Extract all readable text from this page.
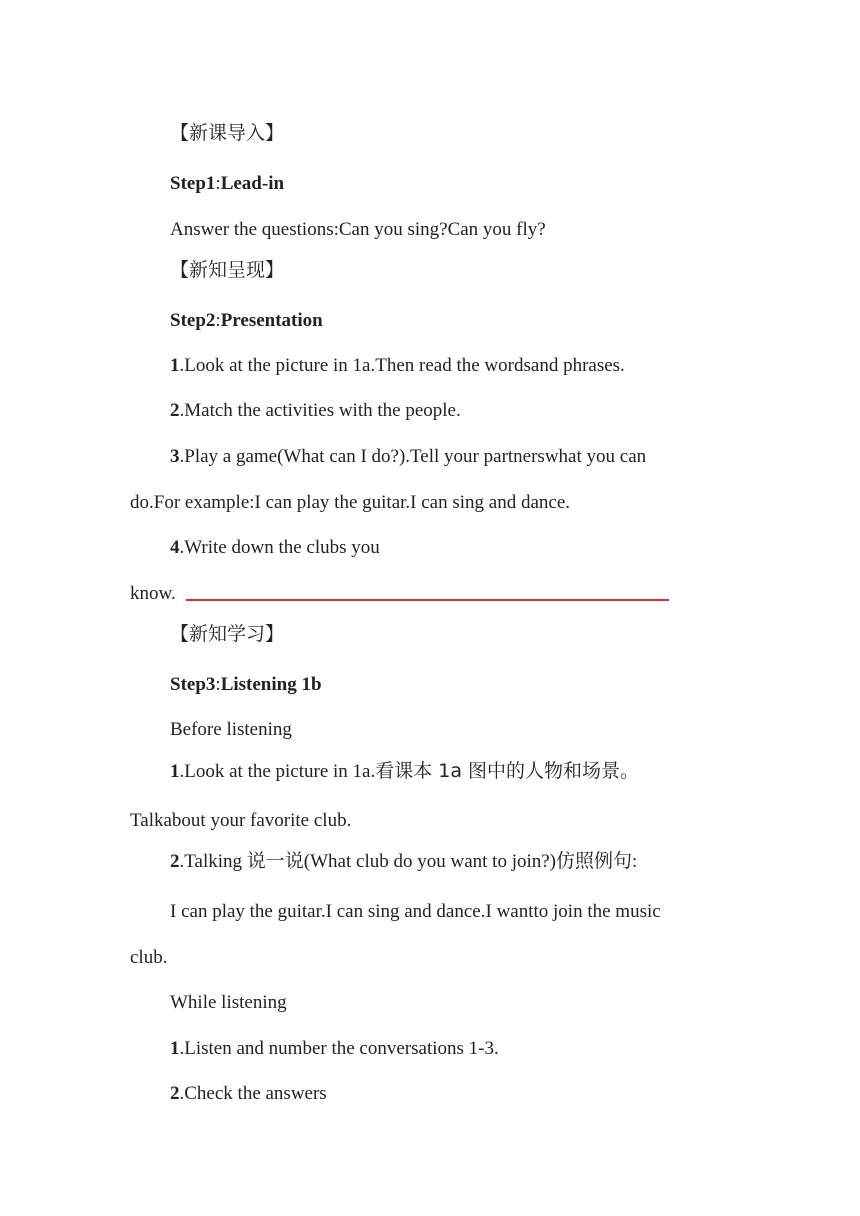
【新课导入】
Step1:Lead-in
Answer the questions:Can you sing?Can you fly?
【新知呈现】
Step2:Presentation
1.Look at the picture in 1a.Then read the wordsand phrases.
2.Match the activities with the people.
3.Play a game(What can I do?).Tell your partnerswhat you can
do.For example:I can play the guitar.I can sing and dance.
4.Write down the clubs you
know.
【新知学习】
Step3:Listening 1b
Before listening
1.Look at the picture in 1a.看课本 1a 图中的人物和场景。
Talkabout your favorite club.
2.Talking 说一说(What club do you want to join?)仿照例句:
I can play the guitar.I can sing and dance.I wantto join the music
club.
While listening
1.Listen and number the conversations 1-3.
2.Check the answers
